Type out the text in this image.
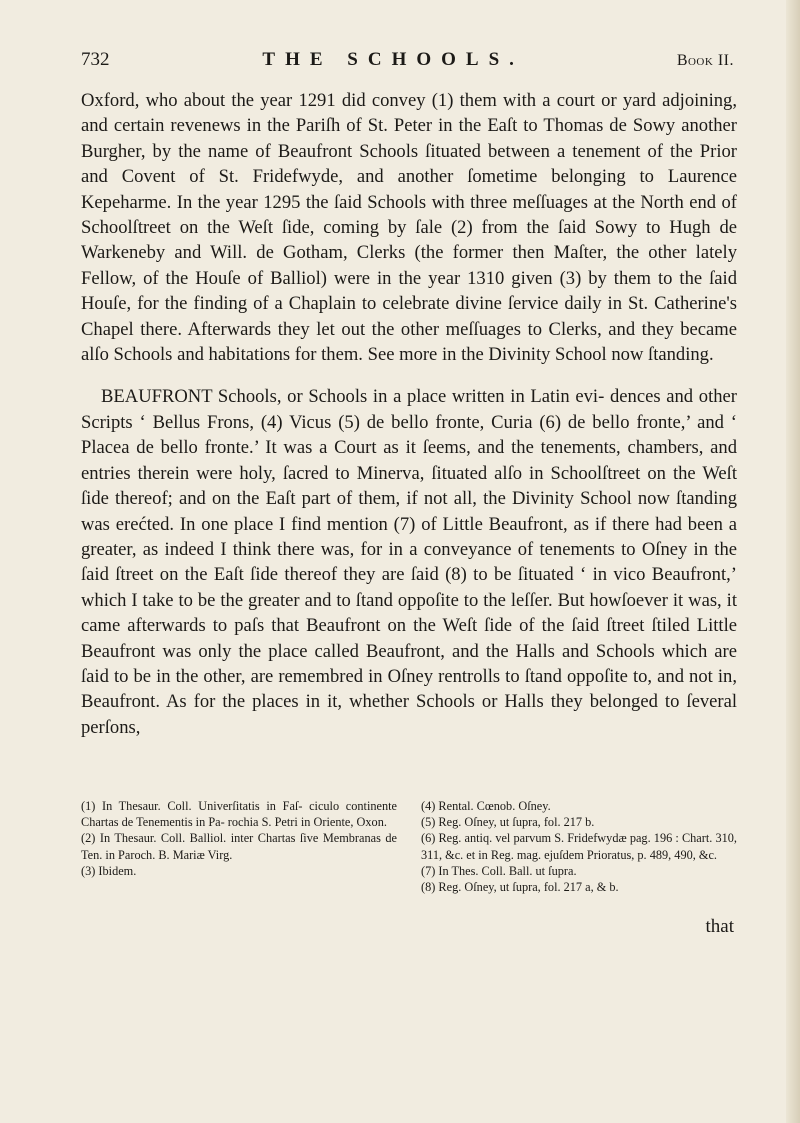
732	THE SCHOOLS.	Book II.

Oxford, who about the year 1291 did convey (1) them with a court or yard adjoining, and certain revenews in the Pariſh of St. Peter in the Eaſt to Thomas de Sowy another Burgher, by the name of Beaufront Schools ſituated between a tenement of the Prior and Covent of St. Fridefwyde, and another ſometime belonging to Laurence Kepeharme. In the year 1295 the ſaid Schools with three meſſuages at the North end of Schoolſtreet on the Weſt ſide, coming by ſale (2) from the ſaid Sowy to Hugh de Warkeneby and Will. de Gotham, Clerks (the former then Maſter, the other lately Fellow, of the Houſe of Balliol) were in the year 1310 given (3) by them to the ſaid Houſe, for the finding of a Chaplain to celebrate divine ſervice daily in St. Catherine's Chapel there. Afterwards they let out the other meſſuages to Clerks, and they became alſo Schools and habitations for them. See more in the Divinity School now ſtanding.

BEAUFRONT Schools, or Schools in a place written in Latin evi- dences and other Scripts ‘ Bellus Frons, (4) Vicus (5) de bello fronte, Curia (6) de bello fronte,’ and ‘ Placea de bello fronte.’ It was a Court as it ſeems, and the tenements, chambers, and entries therein were holy, ſacred to Minerva, ſituated alſo in Schoolſtreet on the Weſt ſide thereof; and on the Eaſt part of them, if not all, the Divinity School now ſtanding was erećted. In one place I find mention (7) of Little Beaufront, as if there had been a greater, as indeed I think there was, for in a conveyance of tenements to Oſney in the ſaid ſtreet on the Eaſt ſide thereof they are ſaid (8) to be ſituated ‘ in vico Beaufront,’ which I take to be the greater and to ſtand oppoſite to the leſſer. But howſoever it was, it came afterwards to paſs that Beaufront on the Weſt ſide of the ſaid ſtreet ſtiled Little Beaufront was only the place called Beaufront, and the Halls and Schools which are ſaid to be in the other, are remembred in Oſney rentrolls to ſtand oppoſite to, and not in, Beaufront. As for the places in it, whether Schools or Halls they belonged to ſeveral perſons,

(1) In Thesaur. Coll. Univerſitatis in Faſ- ciculo continente Chartas de Tenementis in Pa- rochia S. Petri in Oriente, Oxon.

(2) In Thesaur. Coll. Balliol. inter Chartas ſive Membranas de Ten. in Paroch. B. Mariæ Virg.

(3) Ibidem.

(4) Rental. Cœnob. Oſney.

(5) Reg. Oſney, ut ſupra, fol. 217 b.

(6) Reg. antiq. vel parvum S. Fridefwydæ pag. 196 : Chart. 310, 311, &c. et in Reg. mag. ejuſdem Prioratus, p. 489, 490, &c.

(7) In Thes. Coll. Ball. ut ſupra.

(8) Reg. Oſney, ut ſupra, fol. 217 a, & b.

that
